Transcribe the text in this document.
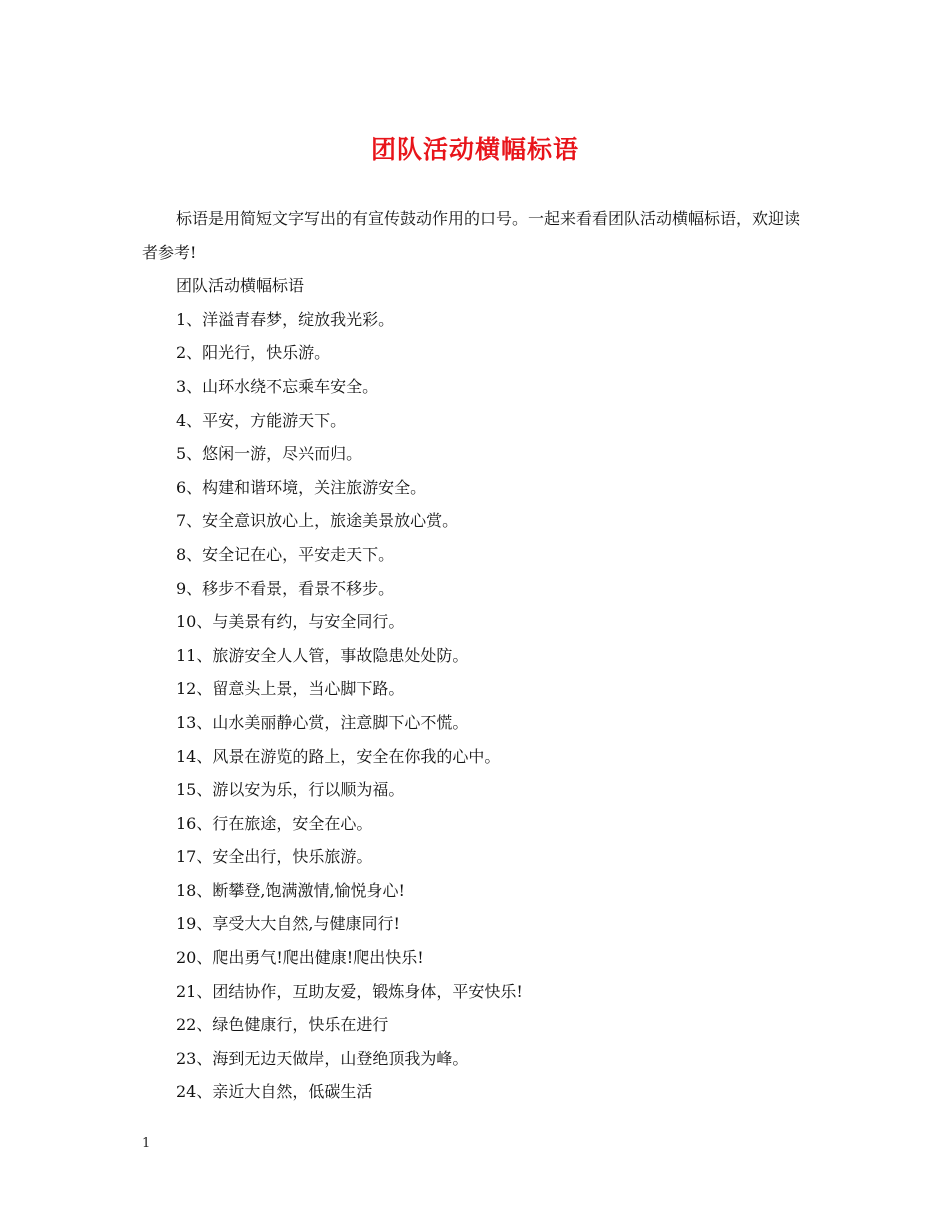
团队活动横幅标语

标语是用简短文字写出的有宣传鼓动作用的口号。一起来看看团队活动横幅标语，欢迎读者参考!

团队活动横幅标语

1、洋溢青春梦，绽放我光彩。
2、阳光行，快乐游。
3、山环水绕不忘乘车安全。
4、平安，方能游天下。
5、悠闲一游，尽兴而归。
6、构建和谐环境，关注旅游安全。
7、安全意识放心上，旅途美景放心赏。
8、安全记在心，平安走天下。
9、移步不看景，看景不移步。
10、与美景有约，与安全同行。
11、旅游安全人人管，事故隐患处处防。
12、留意头上景，当心脚下路。
13、山水美丽静心赏，注意脚下心不慌。
14、风景在游览的路上，安全在你我的心中。
15、游以安为乐，行以顺为福。
16、行在旅途，安全在心。
17、安全出行，快乐旅游。
18、断攀登,饱满激情,愉悦身心!
19、享受大大自然,与健康同行!
20、爬出勇气!爬出健康!爬出快乐!
21、团结协作，互助友爱，锻炼身体，平安快乐!
22、绿色健康行，快乐在进行
23、海到无边天做岸，山登绝顶我为峰。
24、亲近大自然，低碳生活
1
